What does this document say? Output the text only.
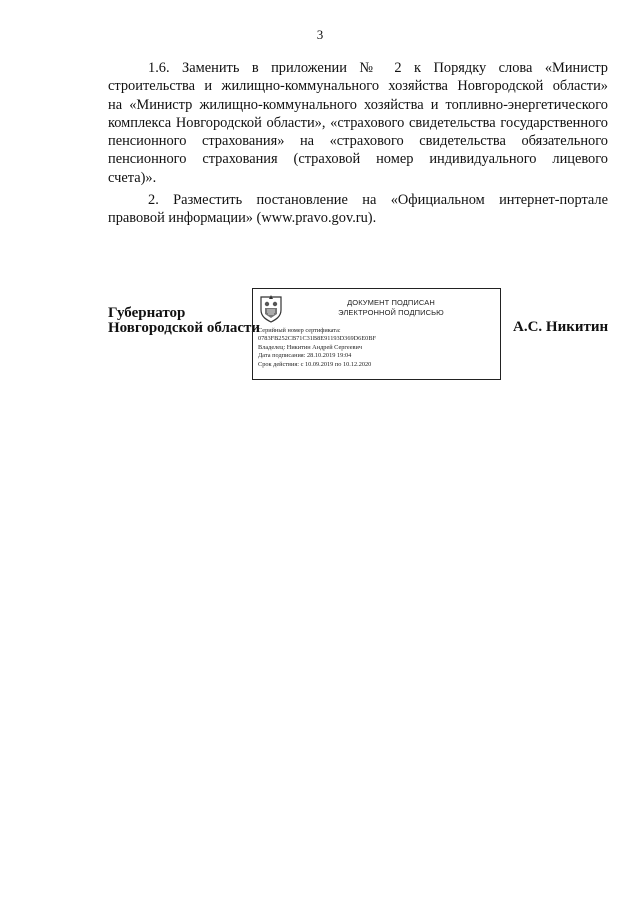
3
1.6. Заменить в приложении № 2 к Порядку слова «Министр
строительства и жилищно-коммунального хозяйства Новгородской области»
на «Министр жилищно-коммунального хозяйства и топливно-энергетического
комплекса Новгородской области», «страхового свидетельства государственного
пенсионного страхования» на «страхового свидетельства обязательного
пенсионного страхования (страховой номер индивидуального лицевого
счета)».
2. Разместить постановление на «Официальном интернет-портале
правовой информации» (www.pravo.gov.ru).
Губернатор
Новгородской области
ДОКУМЕНТ ПОДПИСАН
ЭЛЕКТРОННОЙ ПОДПИСЬЮ
Серийный номер сертификата:
0783FB252CB71C31B8E91193D369D6E0BF
Владелец: Никитин Андрей Сергеевич
Дата подписания: 28.10.2019 19:04
Срок действия: с 10.09.2019 по 10.12.2020
А.С. Никитин
